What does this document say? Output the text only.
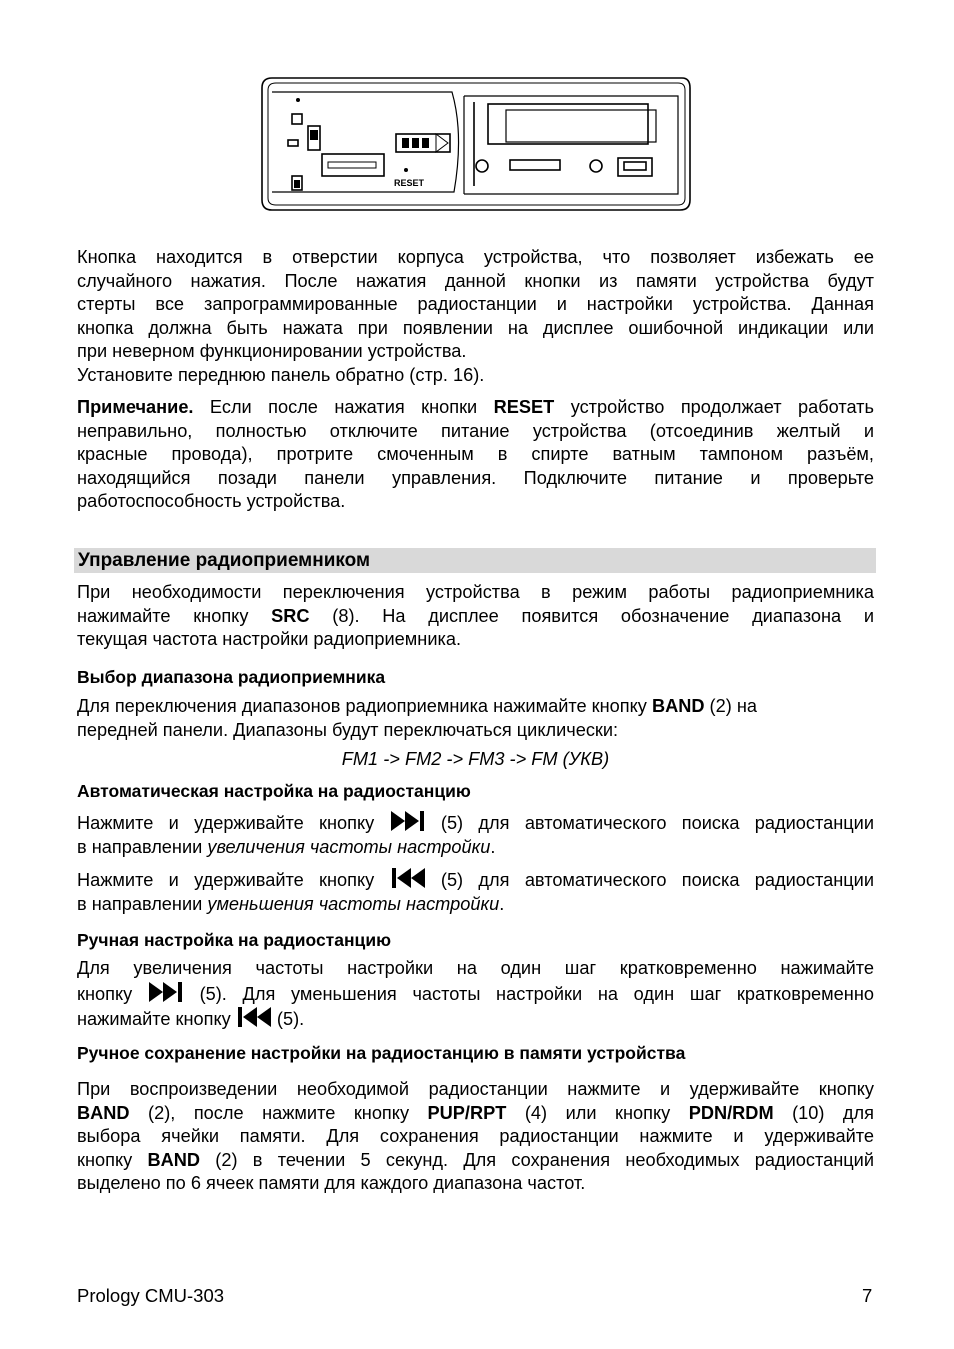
RESET
Кнопка находится в отверстии корпуса устройства, что позволяет избежать ее
случайного нажатия. После нажатия данной кнопки из памяти устройства будут
стерты все запрограммированные радиостанции и настройки устройства. Данная
кнопка должна быть нажата при появлении на дисплее ошибочной индикации или
при неверном функционировании устройства.
Установите переднюю панель обратно (стр. 16).
Примечание. Если после нажатия кнопки RESET устройство продолжает работать
неправильно, полностью отключите питание устройства (отсоединив желтый и
красные провода), протрите смоченным в спирте ватным тампоном разъём,
находящийся позади панели управления. Подключите питание и проверьте
работоспособность устройства.
Управление радиоприемником
При необходимости переключения устройства в режим работы радиоприемника
нажимайте кнопку SRC (8). На дисплее появится обозначение диапазона и
текущая частота настройки радиоприемника.
Выбор диапазона радиоприемника
Для переключения диапазонов радиоприемника нажимайте кнопку BAND (2) на
передней панели. Диапазоны будут переключаться циклически:
FM1 -> FM2 -> FM3 -> FM (УКВ)
Автоматическая настройка на радиостанцию
Нажмите и удерживайте кнопку  (5) для автоматического поиска радиостанции
в направлении увеличения частоты настройки.
Нажмите и удерживайте кнопку  (5) для автоматического поиска радиостанции
в направлении уменьшения частоты настройки.
Ручная настройка на радиостанцию
Для увеличения частоты настройки на один шаг кратковременно нажимайте
кнопку  (5). Для уменьшения частоты настройки на один шаг кратковременно
нажимайте кнопку  (5).
Ручное сохранение настройки на радиостанцию в памяти устройства
При воспроизведении необходимой радиостанции нажмите и удерживайте кнопку
BAND (2), после нажмите кнопку PUP/RPT (4) или кнопку PDN/RDM (10) для
выбора ячейки памяти. Для сохранения радиостанции нажмите и удерживайте
кнопку BAND (2) в течении 5 секунд. Для сохранения необходимых радиостанций
выделено по 6 ячеек памяти для каждого диапазона частот.
Prology CMU-303	7
